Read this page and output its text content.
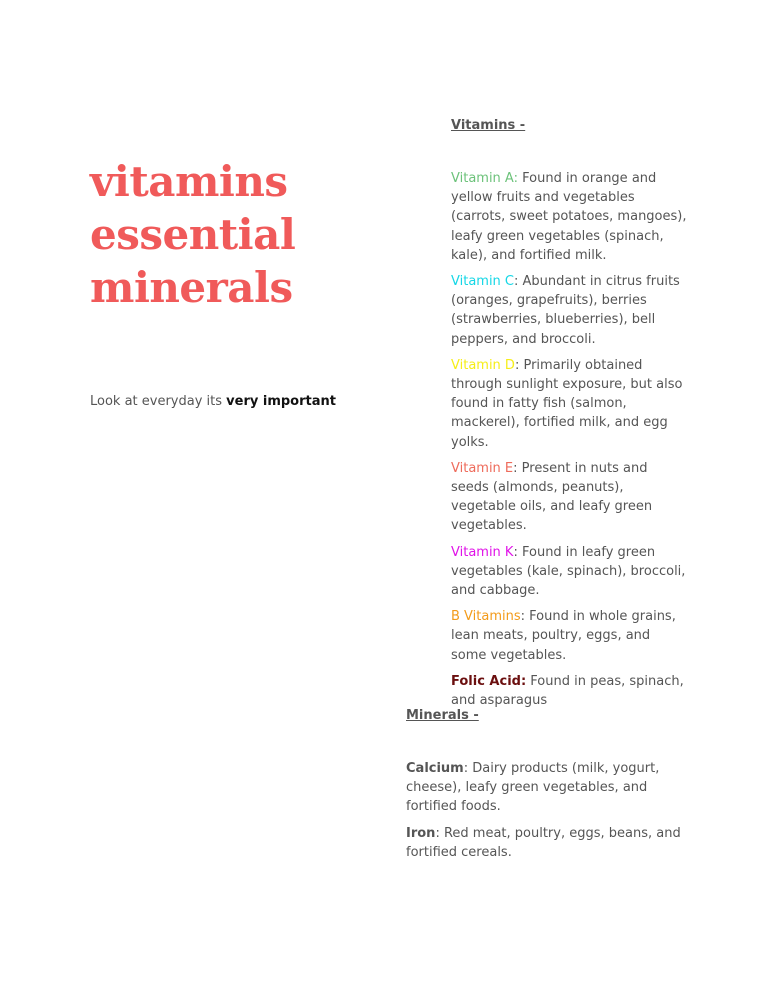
vitamins
essential
minerals

Look at everyday its very important

Vitamins -

Vitamin A: Found in orange and yellow fruits and vegetables (carrots, sweet potatoes, mangoes), leafy green vegetables (spinach, kale), and fortified milk.
Vitamin C: Abundant in citrus fruits (oranges, grapefruits), berries (strawberries, blueberries), bell peppers, and broccoli.
Vitamin D: Primarily obtained through sunlight exposure, but also found in fatty fish (salmon, mackerel), fortified milk, and egg yolks.
Vitamin E: Present in nuts and seeds (almonds, peanuts), vegetable oils, and leafy green vegetables.
Vitamin K: Found in leafy green vegetables (kale, spinach), broccoli, and cabbage.
B Vitamins: Found in whole grains, lean meats, poultry, eggs, and some vegetables.
Folic Acid: Found in peas, spinach, and asparagus

Minerals -

Calcium: Dairy products (milk, yogurt, cheese), leafy green vegetables, and fortified foods.
Iron: Red meat, poultry, eggs, beans, and fortified cereals.
